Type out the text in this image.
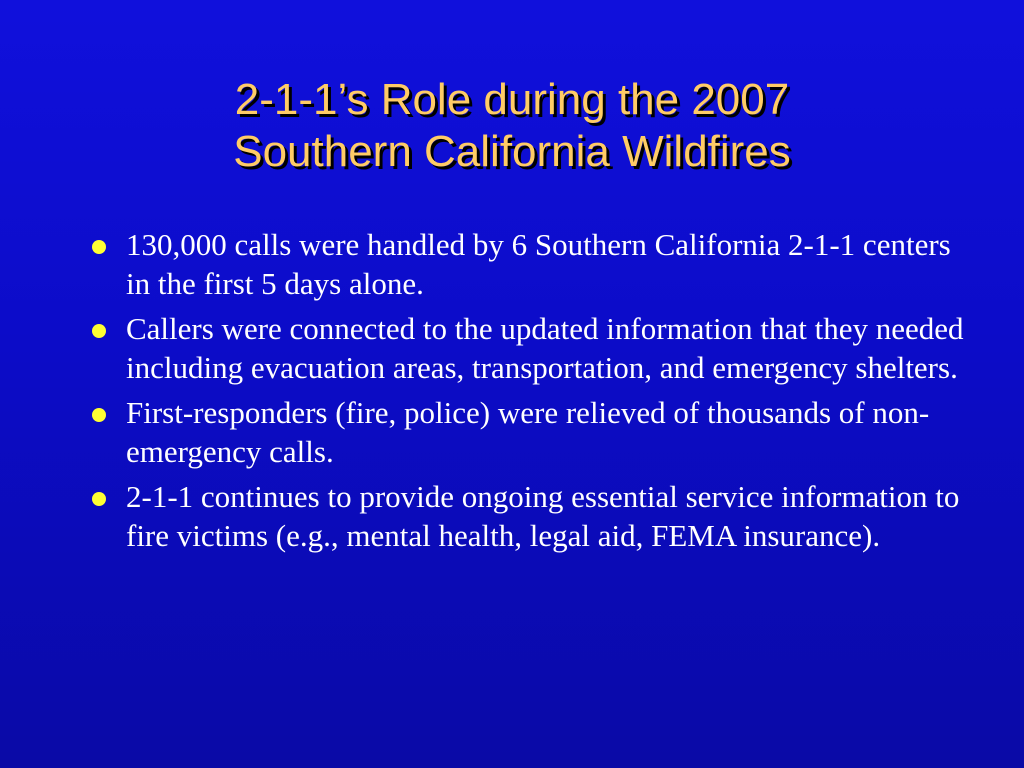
2-1-1’s Role during the 2007
Southern California Wildfires
130,000 calls were handled by 6 Southern California 2-1-1 centers in the first 5 days alone.
Callers were connected to the updated information that they needed including evacuation areas, transportation, and emergency shelters.
First-responders (fire, police) were relieved of thousands of non-emergency calls.
2-1-1 continues to provide ongoing essential service information to fire victims (e.g., mental health, legal aid, FEMA insurance).
